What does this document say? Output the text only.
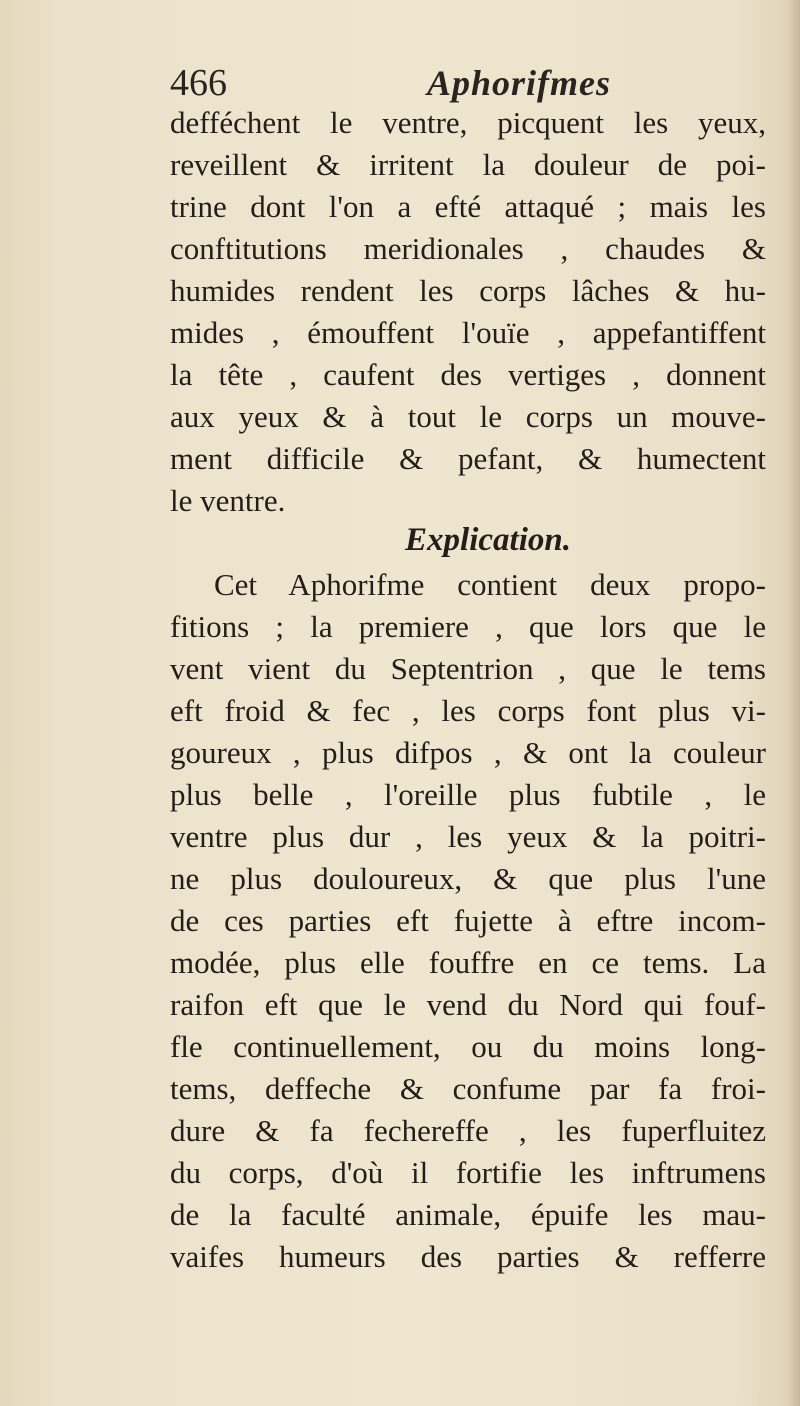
466	Aphorifmes
defféchent le ventre, picquent les yeux,
reveillent & irritent la douleur de poi-
trine dont l'on a efté attaqué ; mais les
conftitutions meridionales , chaudes &
humides rendent les corps lâches & hu-
mides , émouffent l'ouïe , appefantiffent
la tête , caufent des vertiges , donnent
aux yeux & à tout le corps un mouve-
ment difficile & pefant, & humectent
le ventre.
Explication.
Cet Aphorifme contient deux propo-
fitions ; la premiere , que lors que le
vent vient du Septentrion , que le tems
eft froid & fec , les corps font plus vi-
goureux , plus difpos , & ont la couleur
plus belle , l'oreille plus fubtile , le
ventre plus dur , les yeux & la poitri-
ne plus douloureux, & que plus l'une
de ces parties eft fujette à eftre incom-
modée, plus elle fouffre en ce tems. La
raifon eft que le vend du Nord qui fouf-
fle continuellement, ou du moins long-
tems, deffeche & confume par fa froi-
dure & fa fechereffe , les fuperfluitez
du corps, d'où il fortifie les inftrumens
de la faculté animale, épuife les mau-
vaifes humeurs des parties & refferre
